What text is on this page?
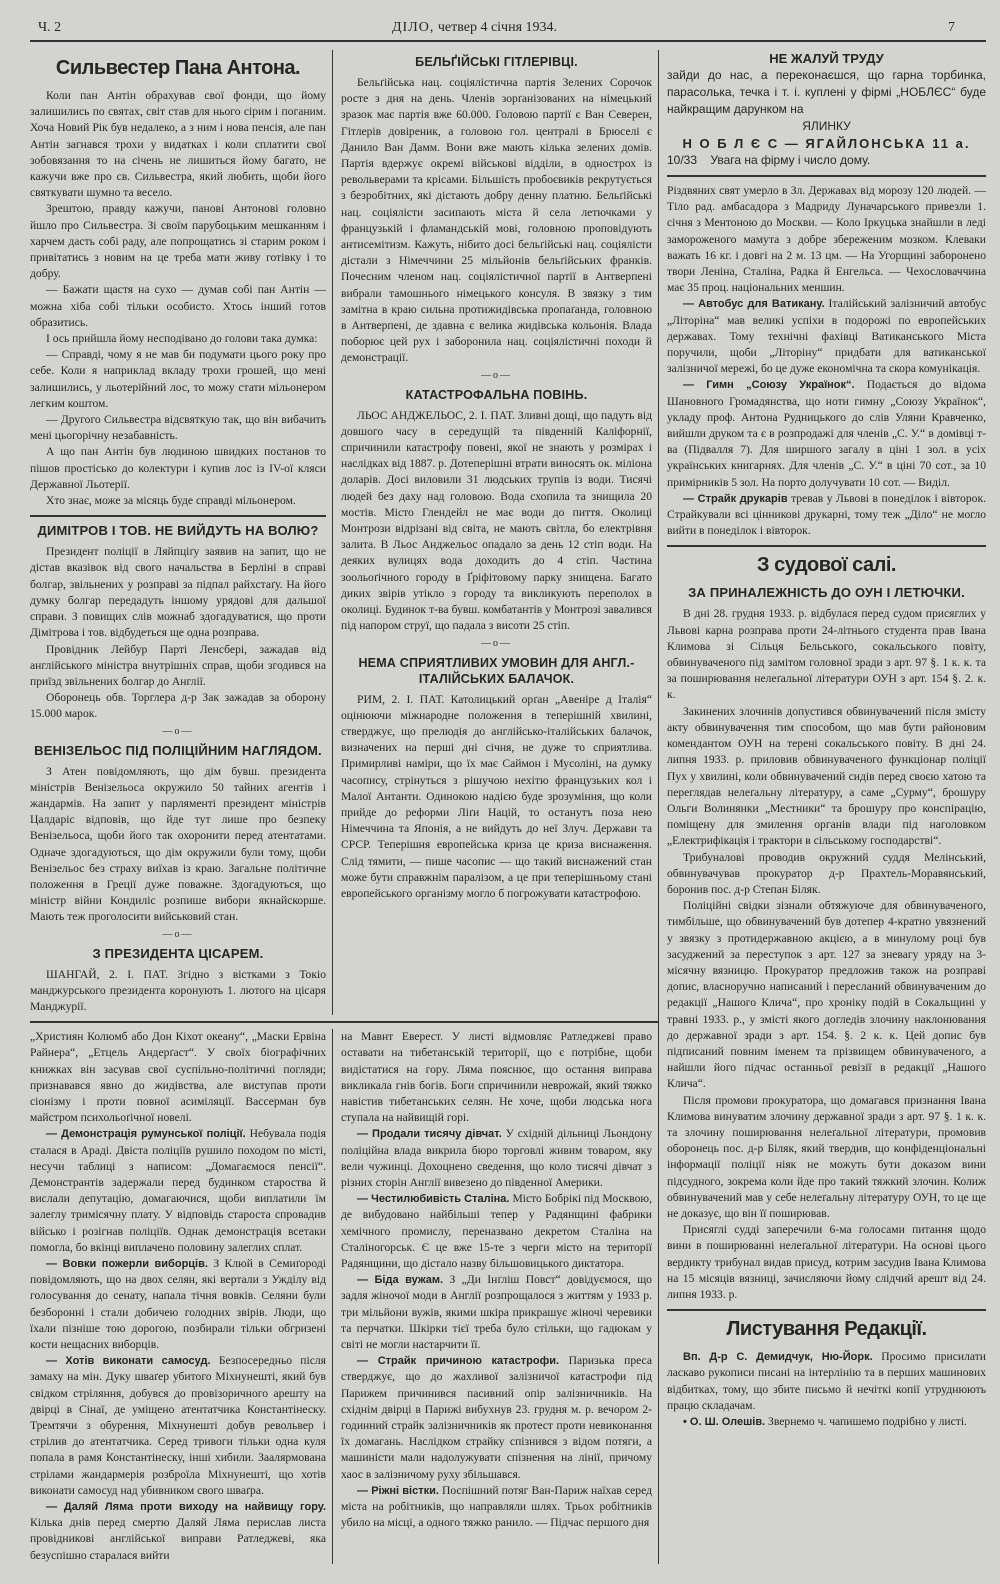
Ч. 2	ДІЛО, четвер 4 січня 1934.	7
Сильвестер Пана Антона.

Коли пан Антін обрахував свої фонди, що йому залишились по святах, світ став для нього сірим і поганим. Хоча Новий Рік був недалеко, а з ним і нова пенсія, але пан Антін загнався трохи у видатках і коли сплатити свої зобовязання то на січень не лишиться йому багато, не кажучи вже про св. Сильвестра, який любить, щоби його святкувати шумно та весело.

Зрештою, правду кажучи, панові Антонові головно йшло про Сильвестра. Зі своїм парубоцьким мешканням і харчем дасть собі раду, але попрощатись зі старим роком і привітатись з новим на це треба мати живу готівку і то добру.

— Бажати щастя на сухо — думав собі пан Антін — можна хіба собі тільки особисто. Хтось інший готов образитись.

І ось прийшла йому несподівано до голови така думка:

— Справді, чому я не мав би подумати цього року про себе. Коли я наприклад вкладу трохи грошей, що мені залишились, у льотерійний лос, то можу стати мільонером легким коштом.

— Другого Сильвестра відсвяткую так, що він вибачить мені цьогорічну незабавність.

А що пан Антін був людиною швидких постанов то пішов простісько до колектури і купив лос із IV-ої кляси Державної Льотерії.

Хто знає, може за місяць буде справді мільонером.

ДИМІТРОВ І ТОВ. НЕ ВИЙДУТЬ НА ВОЛЮ?

Президент поліції в Ляйпціґу заявив на запит, що не дістав вказівок від свого начальства в Берліні в справі болгар, звільнених у розправі за підпал райхстаґу. На його думку болгар передадуть іншому урядові для дальшої справи. З повищих слів можнаб здогадуватися, що проти Дімітрова і тов. відбудеться ще одна розправа.

Провідник Лейбур Парті Ленсбері, зажадав від англійського міністра внутрішніх справ, щоби згодився на приїзд звільнених болгар до Англії.

Оборонець обв. Торглера д-р Зак зажадав за оборону 15.000 марок.

—o—
ВЕНІЗЕЛЬОС ПІД ПОЛІЦІЙНИМ НАГЛЯДОМ.

З Атен повідомляють, що дім бувш. президента міністрів Венізельоса окружило 50 тайних агентів і жандармів. На запит у парляменті президент міністрів Цалдаріс відповів, що йде тут лише про безпеку Венізельоса, щоби його так охоронити перед атентатами. Одначе здогадуються, що дім окружили були тому, щоби Венізельос без страху виїхав із краю. Загальне політичне положення в Греції дуже поважне. Здогадуються, що міністр війни Кондиліс розпише вибори якнайскорше. Мають теж проголосити вийськовий стан.

—o—
З ПРЕЗИДЕНТА ЦІСАРЕМ.

ШАНГАЙ, 2. І. ПАТ. Згідно з вістками з Токіо манджурського президента коронують 1. лютого на цісаря Манджурії.

БЕЛЬҐІЙСЬКІ ГІТЛЕРІВЦІ.

Бельґійська нац. соціялістична партія Зелених Сорочок росте з дня на день. Членів зорґанізованих на німецький зразок має партія вже 60.000. Головою партії є Ван Северен, Гітлерів довіреник, а головою гол. централі в Брюселі є Данило Ван Дамм. Вони вже мають кілька зелених домів. Партія вдержує окремі військові відділи, в однострох із револьверами та крісами. Більшість пробоєвиків рекрутується з безробітних, які дістають добру денну платню. Бельґійські нац. соціялісти засипають міста й села летючками у французькій і фламандській мові, головною проповідують антисемітизм. Кажуть, нібито досі бельґійські нац. соціялісти дістали з Німеччини 25 мільйонів бельґійських франків. Почесним членом нац. соціялістичної партії в Антверпені вибрали тамошнього німецького консуля. В звязку з тим замітна в краю сильна протижидівська пропаґанда, головною в Антверпені, де здавна є велика жидівська кольонія. Влада поборює цей рух і заборонила нац. соціялістичні походи й демонстрації.

—o—
КАТАСТРОФАЛЬНА ПОВІНЬ.

ЛЬОС АНДЖЕЛЬОС, 2. І. ПАТ. Зливні дощі, що падуть від довшого часу в середущій та південній Каліфорнії, спричинили катастрофу повені, якої не знають у розмірах і наслідках від 1887. р. Дотеперішні втрати виносять ок. міліона доларів. Досі виловили 31 людських трупів із води. Тисячі людей без даху над головою. Вода схопила та знищила 20 мостів. Місто Глендейл не має води до пиття. Околиці Монтрози відрізані від світа, не мають світла, бо електрівня залита. В Льос Анджельос опадало за день 12 стіп води. На деяких вулицях вода доходить до 4 стіп. Частина зоольоґічного городу в Ґріфітовому парку знищена. Багато диких звірів утікло з городу та викликують переполох в околиці. Будинок т-ва бувш. комбатантів у Монтрозі завалився під напором струї, що падала з висоти 25 стіп.

—o—
НЕМА СПРИЯТЛИВИХ УМОВИН ДЛЯ АНГЛ.-ІТАЛІЙСЬКИХ БАЛАЧОК.

РИМ, 2. І. ПАТ. Католицький орґан „Авеніре д Італія“ оцінюючи міжнародне положення в теперішній хвилині, стверджує, що прелюдія до англійсько-італійських балачок, визначених на перші дні січня, не дуже то сприятлива. Примирливі наміри, що їх має Саймон і Мусоліні, на думку часопису, стрінуться з рішучою нехітю французьких кол і Малої Антанти. Одинокою надією буде зрозуміння, що коли прийде до реформи Ліґи Націй, то останутъ поза нею Німеччина та Японія, а не вийдуть до неї Злуч. Держави та СРСР. Теперішня европейська криза це криза виснаження. Слід тямити, — пише часопис — що такий виснажений стан може бути справжнім паралізом, а це при теперішньому стані европейського організму могло б погрожувати катастрофою.

„Християн Колюмб або Дон Кіхот океану“, „Маски Ервіна Райнера“, „Етцель Андерґаст“. У своїх біографічних книжках він засував свої суспільно-політичні погляди; признавався явно до жидівства, але виступав проти сіонізму і проти повної асиміляції. Вассерман був майстром психольоґічної новелі.

— Демонстрація румунської поліції. Небувала подія сталася в Араді. Двіста поліціїв рушило походом по місті, несучи таблиці з написом: „Домагаємося пенсії“. Демонстрантів задержали перед будинком староства й вислали депутацію, домагаючися, щоби виплатили їм залеглу тримісячну плату. У відповідь староста спровадив військо і розігнав поліціїв. Однак демонстрація всетаки помогла, бо вкінці виплачено половину залеглих сплат.

— Вовки пожерли виборців. З Клюй в Семиґороді повідомляють, що на двох селян, які вертали з Ужділу від голосування до сенату, напала тічня вовків. Селяни були безборонні і стали добичею голодних звірів. Люди, що їхали пізніше тою дорогою, позбирали тільки обгризені кости нещасних виборців.

— Хотів виконати самосуд. Безпосередньо після замаху на мін. Дуку шваґер убитого Міхнунешті, який був свідком стріляння, добувся до провізоричного арешту на двірці в Сінаї, де умiщено атентатчика Константінеску. Тремтячи з обурення, Міхнунешті добув револьвер і стрілив до атентатчика. Серед тривоги тільки одна куля попала в рамя Константінеску, інші хибили. Заалярмована стрілами жандармерія розброїла Міхнунешті, що хотів виконати самосуд над убивником свого шваґра.

— Даляй Ляма проти виходу на найвищу гору. Кілька днів перед смертю Даляй Ляма перислав листа провідникові англійської виправи Ратледжеві, яка безуспішно старалася вийти

на Мавнт Еверест. У листі відмовляє Ратледжеві право оставати на тибетанській території, що є потрібне, щоби видістатися на гору. Ляма пояснює, що остання виправа викликала гнів богів. Боги спричинили неврожай, який тяжко навістив тибетанських селян. Не хоче, щоби людська нога ступала на найвищій горі.

— Продали тисячу дівчат. У східній дільниці Льондону поліційна влада викрила бюро торговлі живим товаром, яку вели чужинці. Дохоцнено сведення, що коло тисячі дівчат з різних сторін Англії вивезено до південної Америки.

— Честилюбивість Сталіна. Місто Бобрікі під Москвою, де вибудовано найбільші тепер у Радянщині фабрики хемічного промислу, переназвано декретом Сталіна на Сталіногорськ. Є це вже 15-те з черги місто на території Радянщини, що дістало назву більшовицького диктатора.

— Біда вужам. З „Ди Інґліш Повст“ довідуємося, що задля жіночої моди в Англії розпрощалося з життям у 1933 р. три мільйони вужів, якими шкіра прикрашує жіночі черевики та перчатки. Шкірки тієї треба було стільки, що гадюкам у світі не могли настарчити її.

— Страйк причиною катастрофи. Паризька преса стверджує, що до жахливої залізничої катастрофи під Парижем причинився пасивний опір залізничників. На східнім двірці в Парижі вибухнув 23. грудня м. р. вечором 2-годинний страйк залізничників як протест проти невиконання їх домагань. Наслідком страйку спізнився з відом потяги, а машиністи мали надолужувати спізнення на лінії, причому хаос в залізничому руху збільшався.

— Ріжні вістки. Поспішний потяг Ван-Париж наїхав серед міста на робітників, що направляли шлях. Трьох робітників убило на місці, а одного тяжко ранило. — Підчас першого дня

НЕ ЖАЛУЙ ТРУДУ
зайди до нас, а переконаєшся, що гарна торбинка, парасолька, течка і т. і. куплені у фірмі „НОБЛЄС“ буде найкращим дарунком на
ЯЛИНКУ
Н О Б Л Є С — ЯГАЙЛОНСЬКА 11 а.
10/33 Увага на фірму і число дому.

Різдвяних свят умерло в Зл. Державах від морозу 120 людей. — Тіло рад. амбасадора з Мадриду Луначарського привезли 1. січня з Ментоною до Москви. — Коло Іркуцька знайшли в леді замороженого мамута з добре збереженим мозком. Клеваки важать 16 кг. і довгі на 2 м. 13 цм. — На Угорщині заборонено твори Леніна, Сталіна, Радка й Енгельса. — Чехословаччина має 35 проц. національних меншин.

— Автобус для Ватикану. Італійський залізничий автобус „Літоріна“ мав великі успіхи в подорожі по европейських державах. Тому технічні фахівці Ватиканського Міста поручили, щоби „Літоріну“ придбати для ватиканської залізничої мережі, бо це дуже економічна та скора комунікація.

— Гимн „Союзу Українок“. Подається до відома Шановного Громадянства, що ноти гимну „Союзу Українок“, укладу проф. Антона Рудницького до слів Уляни Кравченко, вийшли друком та є в розпродажі для членів „С. У.“ в домівці т-ва (Підвалля 7). Для ширшого загалу в ціні 1 зол. в усіх українських книгарнях. Для членів „С. У.“ в ціні 70 сот., за 10 примірників 5 зол. На порто долучувати 10 сот. — Виділ.

— Страйк друкарів тревав у Львові в понеділок і вівторок. Страйкували всі цінникові друкарні, тому теж „Діло“ не могло вийти в понеділок і вівторок.

З судової салі.
ЗА ПРИНАЛЕЖНІСТЬ ДО ОУН І ЛЕТЮЧКИ.

В дні 28. грудня 1933. р. відбулася перед судом присяглих у Львові карна розправа проти 24-літнього студента прав Івана Климова зі Сільця Бельського, сокальського повіту, обвинуваченого під замітом головної зради з арт. 97 §. 1 к. к. та за поширювання нелеґальної літератури ОУН з арт. 154 §. 2. к. к.

Закинених злочинів допустився обвинувачений після змісту акту обвинувачення тим способом, що мав бути районовим комендантом ОУН на терені сокальського повіту. В дні 24. липня 1933. р. приловив обвинуваченого функціонар поліції Пух у хвилині, коли обвинувачений сидів перед своєю хатою та переглядав нелеґальну літературу, а саме „Сурму“, брошуру Ольги Волинянки „Местники“ та брошуру про конспірацію, поміщену для змилення органів влади під наголовком „Електрифікація і трактори в сільському господарстві“.

Трибуналові проводив окружний суддя Мелінський, обвинувачував прокуратор д-р Прахтель-Моравянський, боронив пос. д-р Степан Біляк.

Поліційні свідки зізнали обтяжуюче для обвинуваченого, тимбільше, що обвинувачений був дотепер 4-кратно увязнений у звязку з протидержавною акцією, а в минулому році був засуджений за переступок з арт. 127 за зневагу уряду на 3-місячну вязницю. Прокуратор предложив також на розправі допис, власноручно написаний і пересланий обвинуваченим до редакції „Нашого Клича“, про хроніку подій в Сокальщині у травні 1933. р., у змісті якого догледів злочину наклонювання до державної зради з арт. 154. §. 2 к. к. Цей допис був підписаний повним іменем та прізвищем обвинуваченого, а найшли його підчас останньої ревізії в редакції „Нашого Клича“.

Після промови прокуратора, що домагався признання Івана Климова винуватим злочину державної зради з арт. 97 §. 1 к. к. та злочину поширювання нелеґальної літератури, промовив оборонець пос. д-р Біляк, який твердив, що конфіденціональні інформації поліції ніяк не можуть бути доказом вини підсудного, зокрема коли йде про такий тяжкий злочин. Колиж обвинувачений мав у себе нелеґальну літературу ОУН, то це ще не доказує, що він її поширював.

Присяглі судді заперечили 6-ма голосами питання щодо вини в поширюванні нелеґальної літератури. На основі цього вердикту трибунал видав присуд, котрим засудив Івана Климова на 15 місяців вязниці, зачисляючи йому слідчий арешт від 24. липня 1933. р.

Листування Редакції.

Вп. Д-р С. Демидчук, Ню-Йорк. Просимо присилати ласкаво рукописи писані на інтерлінію та в перших машинових відбитках, тому, що збите письмо й нечіткі копії утруднюють працю складачам.

• О. Ш. Олешів. Звернемо ч. чапишемо подрібно у листі.
